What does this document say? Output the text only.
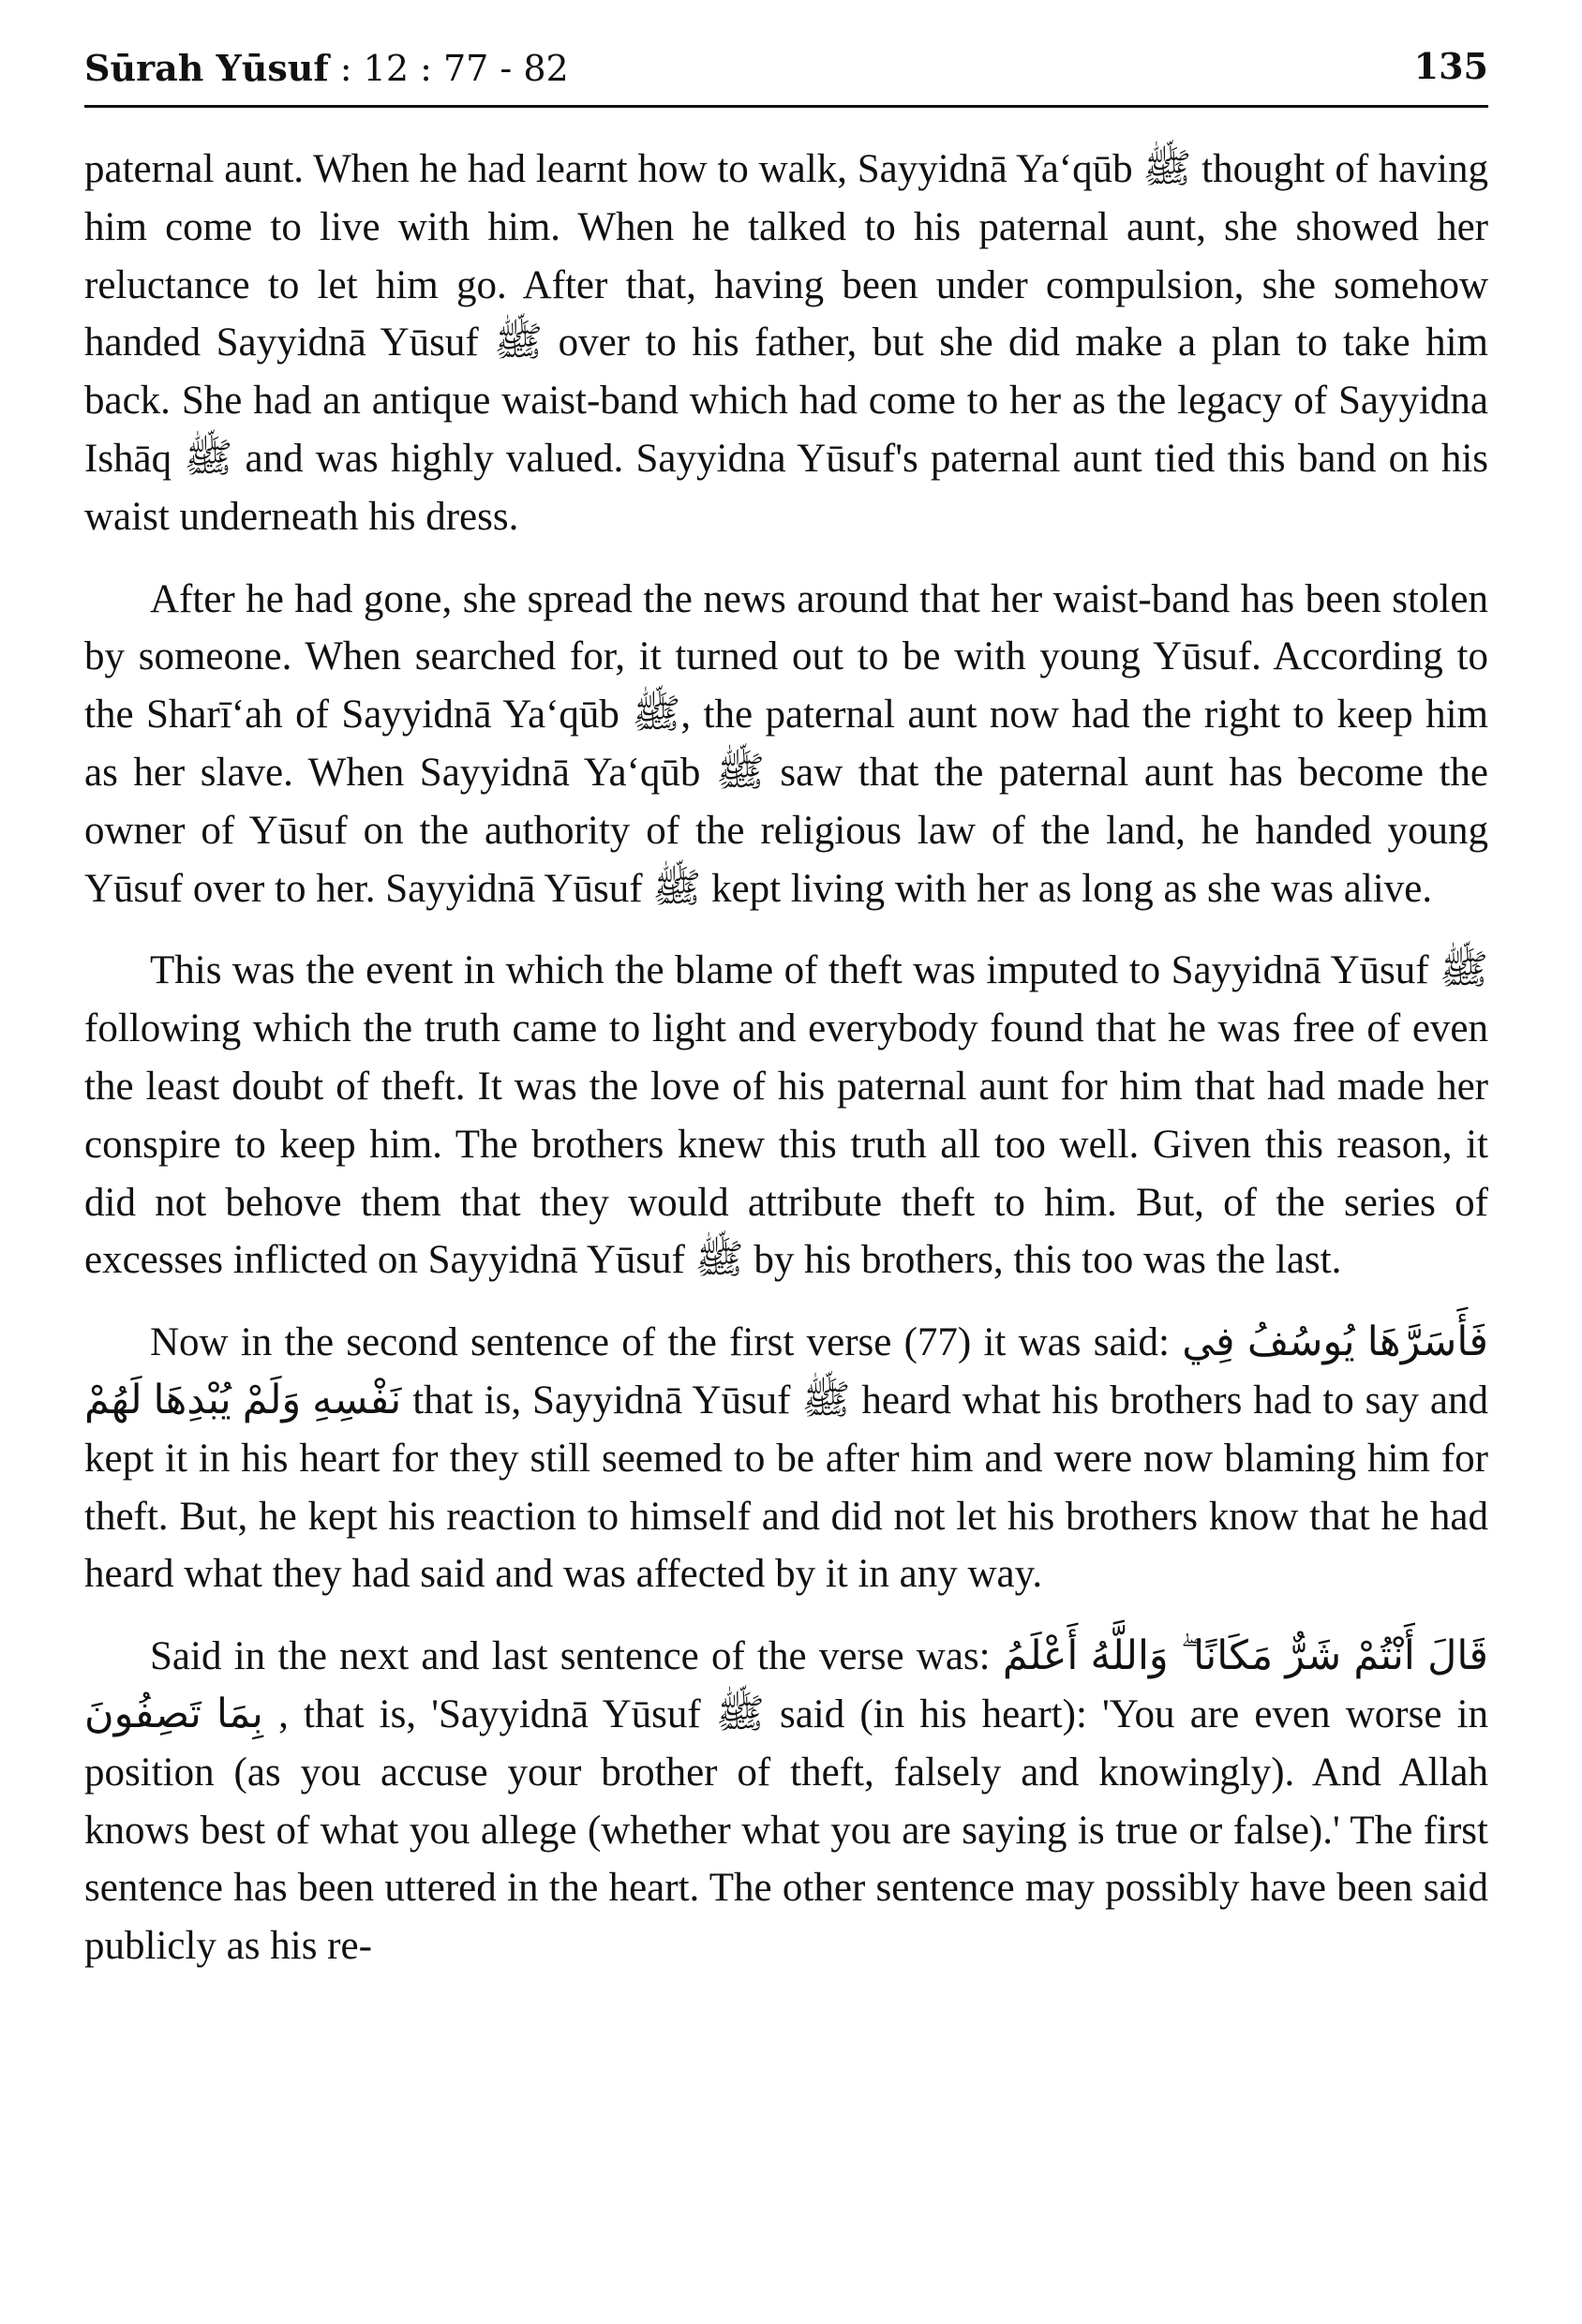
Sūrah Yūsuf : 12 : 77 - 82	135

paternal aunt. When he had learnt how to walk, Sayyidnā Ya‘qūb ﷺ thought of having him come to live with him. When he talked to his paternal aunt, she showed her reluctance to let him go. After that, having been under compulsion, she somehow handed Sayyidnā Yūsuf ﷺ over to his father, but she did make a plan to take him back. She had an antique waist-band which had come to her as the legacy of Sayyidna Ishāq ﷺ and was highly valued. Sayyidna Yūsuf's paternal aunt tied this band on his waist underneath his dress.

After he had gone, she spread the news around that her waist-band has been stolen by someone. When searched for, it turned out to be with young Yūsuf. According to the Sharī‘ah of Sayyidnā Ya‘qūb ﷺ, the paternal aunt now had the right to keep him as her slave. When Sayyidnā Ya‘qūb ﷺ saw that the paternal aunt has become the owner of Yūsuf on the authority of the religious law of the land, he handed young Yūsuf over to her. Sayyidnā Yūsuf ﷺ kept living with her as long as she was alive.

This was the event in which the blame of theft was imputed to Sayyidnā Yūsuf ﷺ following which the truth came to light and everybody found that he was free of even the least doubt of theft. It was the love of his paternal aunt for him that had made her conspire to keep him. The brothers knew this truth all too well. Given this reason, it did not behove them that they would attribute theft to him. But, of the series of excesses inflicted on Sayyidnā Yūsuf ﷺ by his brothers, this too was the last.

Now in the second sentence of the first verse (77) it was said: فَأَسَرَّهَا يُوسُفُ فِي نَفْسِهِ وَلَمْ يُبْدِهَا لَهُمْ that is, Sayyidnā Yūsuf ﷺ heard what his brothers had to say and kept it in his heart for they still seemed to be after him and were now blaming him for theft. But, he kept his reaction to himself and did not let his brothers know that he had heard what they had said and was affected by it in any way.

Said in the next and last sentence of the verse was: قَالَ أَنْتُمْ شَرٌّ مَكَانًا ۖ وَاللَّهُ أَعْلَمُ بِمَا تَصِفُونَ , that is, 'Sayyidnā Yūsuf ﷺ said (in his heart): 'You are even worse in position (as you accuse your brother of theft, falsely and knowingly). And Allah knows best of what you allege (whether what you are saying is true or false).' The first sentence has been uttered in the heart. The other sentence may possibly have been said publicly as his re-
